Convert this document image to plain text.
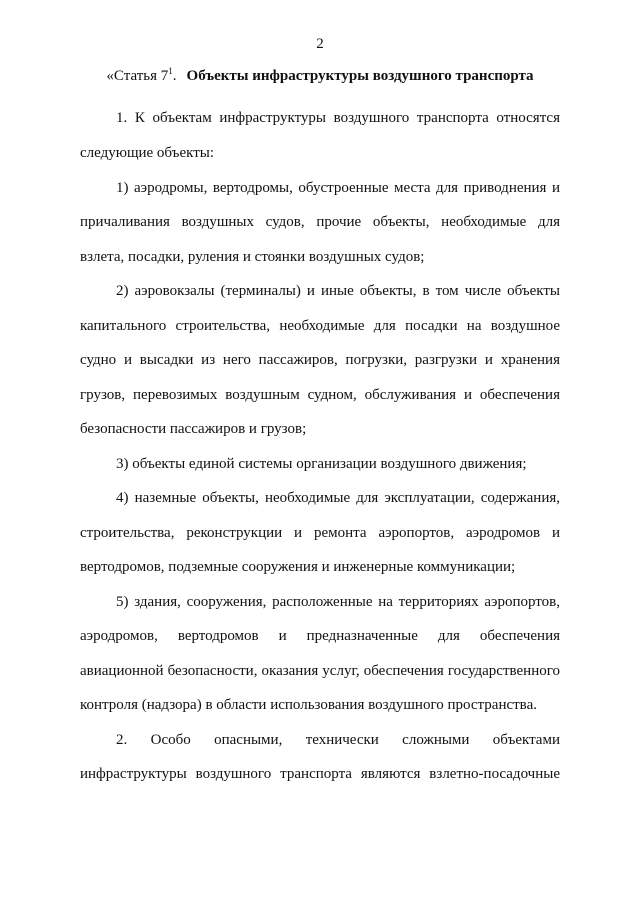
2
«Статья $7^1$. Объекты инфраструктуры воздушного транспорта
1. К объектам инфраструктуры воздушного транспорта относятся
следующие объекты:
1) аэродромы, вертодромы, обустроенные места для приводнения и
причаливания воздушных судов, прочие объекты, необходимые для
взлета, посадки, руления и стоянки воздушных судов;
2) аэровокзалы (терминалы) и иные объекты, в том числе объекты
капитального строительства, необходимые для посадки на воздушное
судно и высадки из него пассажиров, погрузки, разгрузки и хранения
грузов, перевозимых воздушным судном, обслуживания и обеспечения
безопасности пассажиров и грузов;
3) объекты единой системы организации воздушного движения;
4) наземные объекты, необходимые для эксплуатации, содержания,
строительства, реконструкции и ремонта аэропортов, аэродромов и
вертодромов, подземные сооружения и инженерные коммуникации;
5) здания, сооружения, расположенные на территориях аэропортов,
аэродромов, вертодромов и предназначенные для обеспечения
авиационной безопасности, оказания услуг, обеспечения государственного
контроля (надзора) в области использования воздушного пространства.
2. Особо опасными, технически сложными объектами
инфраструктуры воздушного транспорта являются взлетно-посадочные
